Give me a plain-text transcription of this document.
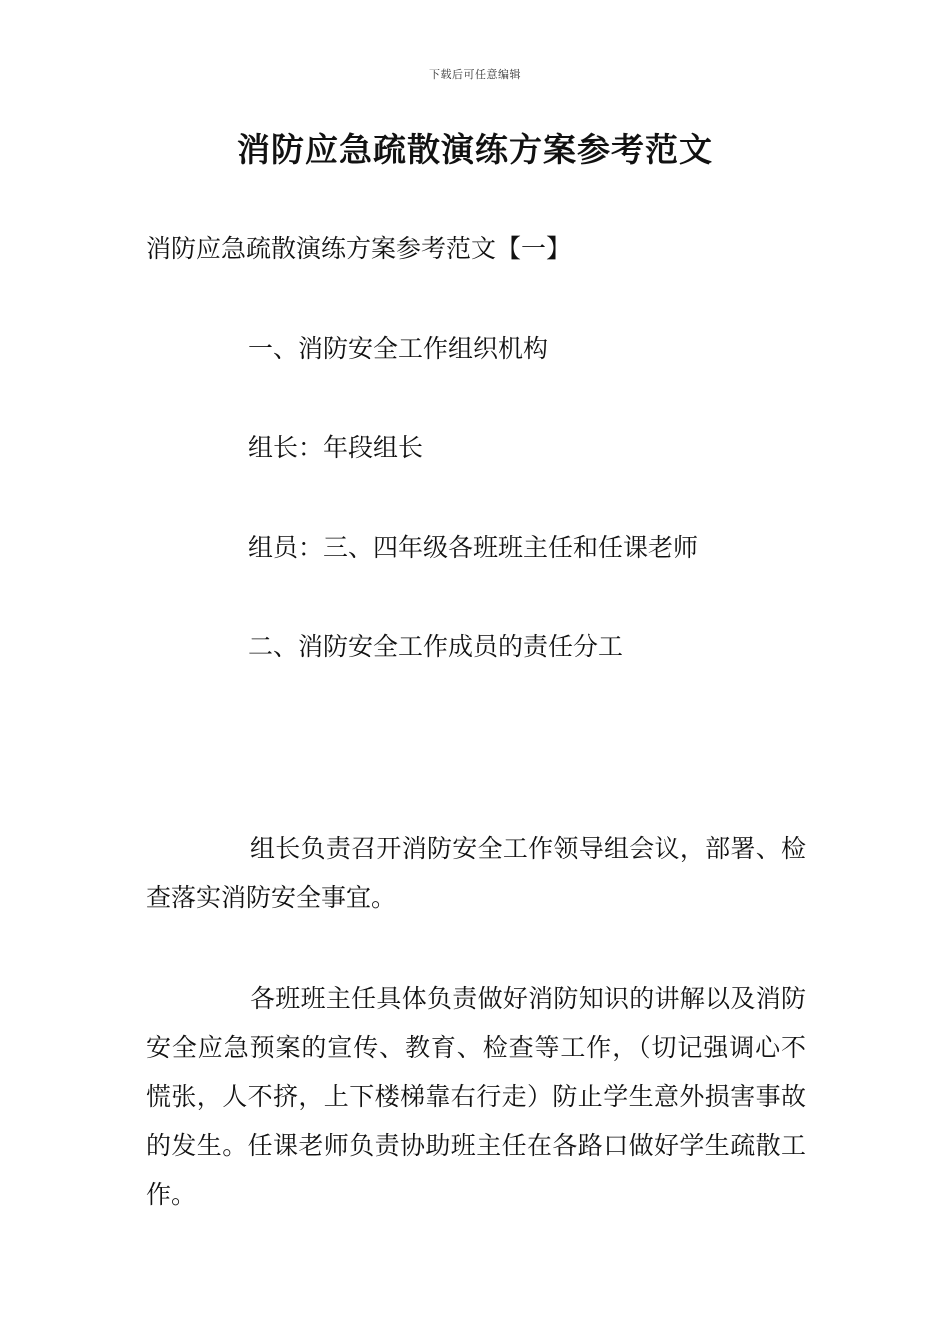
下载后可任意编辑
消防应急疏散演练方案参考范文

消防应急疏散演练方案参考范文【一】

一、消防安全工作组织机构

组长：年段组长

组员：三、四年级各班班主任和任课老师

二、消防安全工作成员的责任分工

组长负责召开消防安全工作领导组会议，部署、检查落实消防安全事宜。

各班班主任具体负责做好消防知识的讲解以及消防安全应急预案的宣传、教育、检查等工作，（切记强调心不慌张，人不挤，上下楼梯靠右行走）防止学生意外损害事故的发生。任课老师负责协助班主任在各路口做好学生疏散工作。
